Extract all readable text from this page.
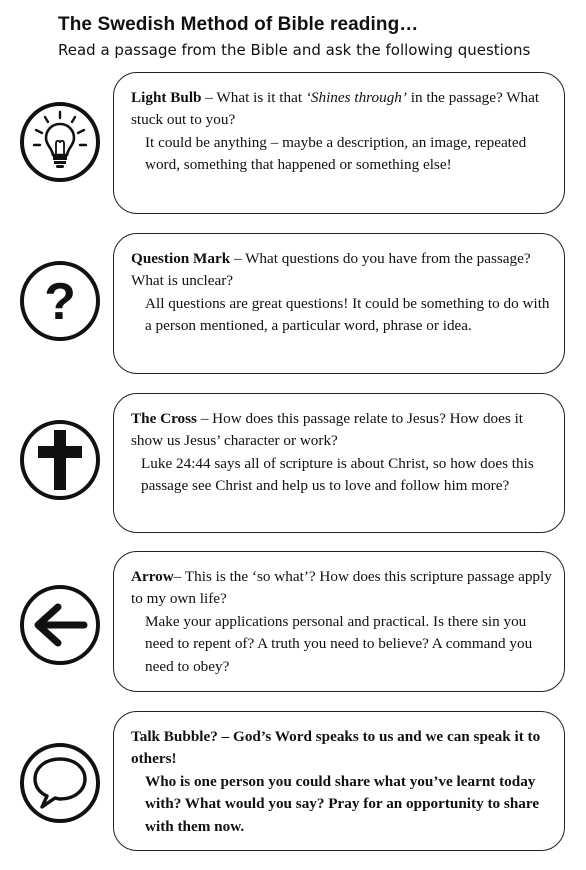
The Swedish Method of Bible reading…
Read a passage from the Bible and ask the following questions

Light Bulb – What is it that ‘Shines through’ in the passage? What stuck out to you?

It could be anything – maybe a description, an image, repeated word, something that happened or something else!

?

Question Mark – What questions do you have from the passage? What is unclear?

All questions are great questions! It could be something to do with a person mentioned, a particular word, phrase or idea.

The Cross – How does this passage relate to Jesus? How does it show us Jesus’ character or work?

Luke 24:44 says all of scripture is about Christ, so how does this passage see Christ and help us to love and follow him more?

Arrow– This is the ‘so what’? How does this scripture passage apply to my own life?

Make your applications personal and practical. Is there sin you need to repent of? A truth you need to believe? A command you need to obey?

Talk Bubble? – God’s Word speaks to us and we can speak it to others!

Who is one person you could share what you’ve learnt today with? What would you say? Pray for an opportunity to share with them now.
